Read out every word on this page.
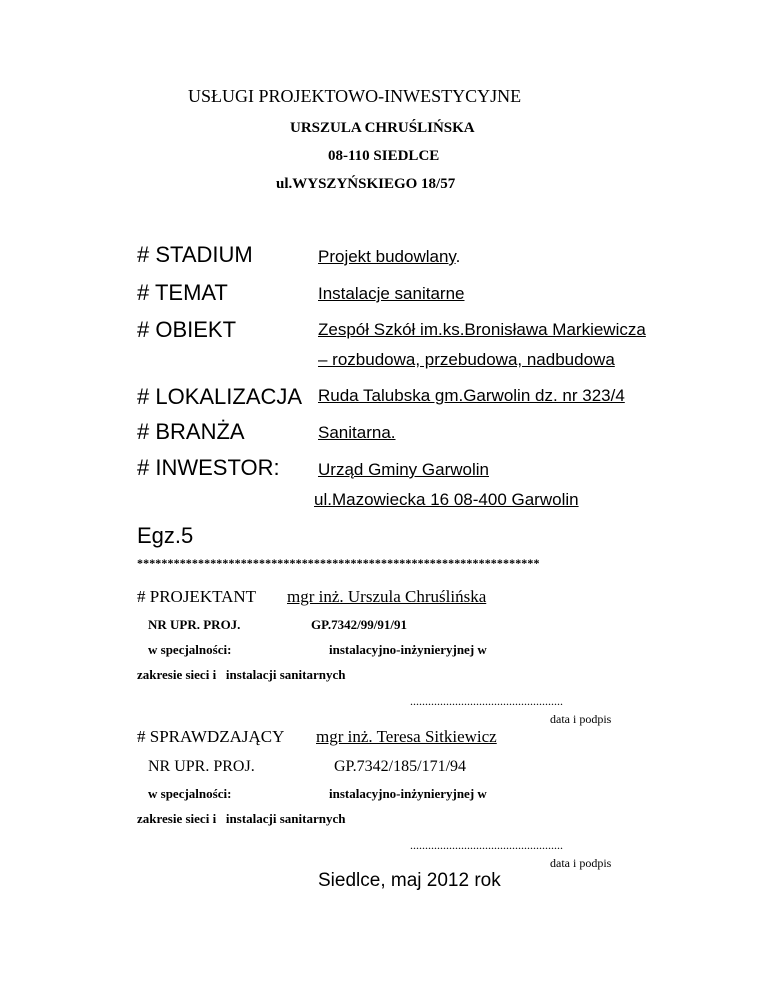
USŁUGI PROJEKTOWO-INWESTYCYJNE
URSZULA CHRUŚLIŃSKA
08-110 SIEDLCE
ul.WYSZYŃSKIEGO 18/57
# STADIUM	Projekt budowlany.
# TEMAT	Instalacje sanitarne
# OBIEKT	Zespół Szkół im.ks.Bronisława Markiewicza
– rozbudowa, przebudowa, nadbudowa
# LOKALIZACJA Ruda Talubska gm.Garwolin dz. nr 323/4
# BRANŻA	Sanitarna.
# INWESTOR: Urząd Gminy Garwolin
ul.Mazowiecka 16 08-400 Garwolin
Egz.5
******************************************************************
# PROJEKTANT mgr inż. Urszula Chruślińska
NR UPR. PROJ.	GP.7342/99/91/91
w specjalności:	instalacyjno-inżynieryjnej w
zakresie sieci i   instalacji sanitarnych
...................................................
data i podpis
# SPRAWDZAJĄCY mgr inż. Teresa Sitkiewicz
NR UPR. PROJ.	GP.7342/185/171/94
w specjalności:	instalacyjno-inżynieryjnej w
zakresie sieci i   instalacji sanitarnych
...................................................
data i podpis
Siedlce, maj 2012 rok
